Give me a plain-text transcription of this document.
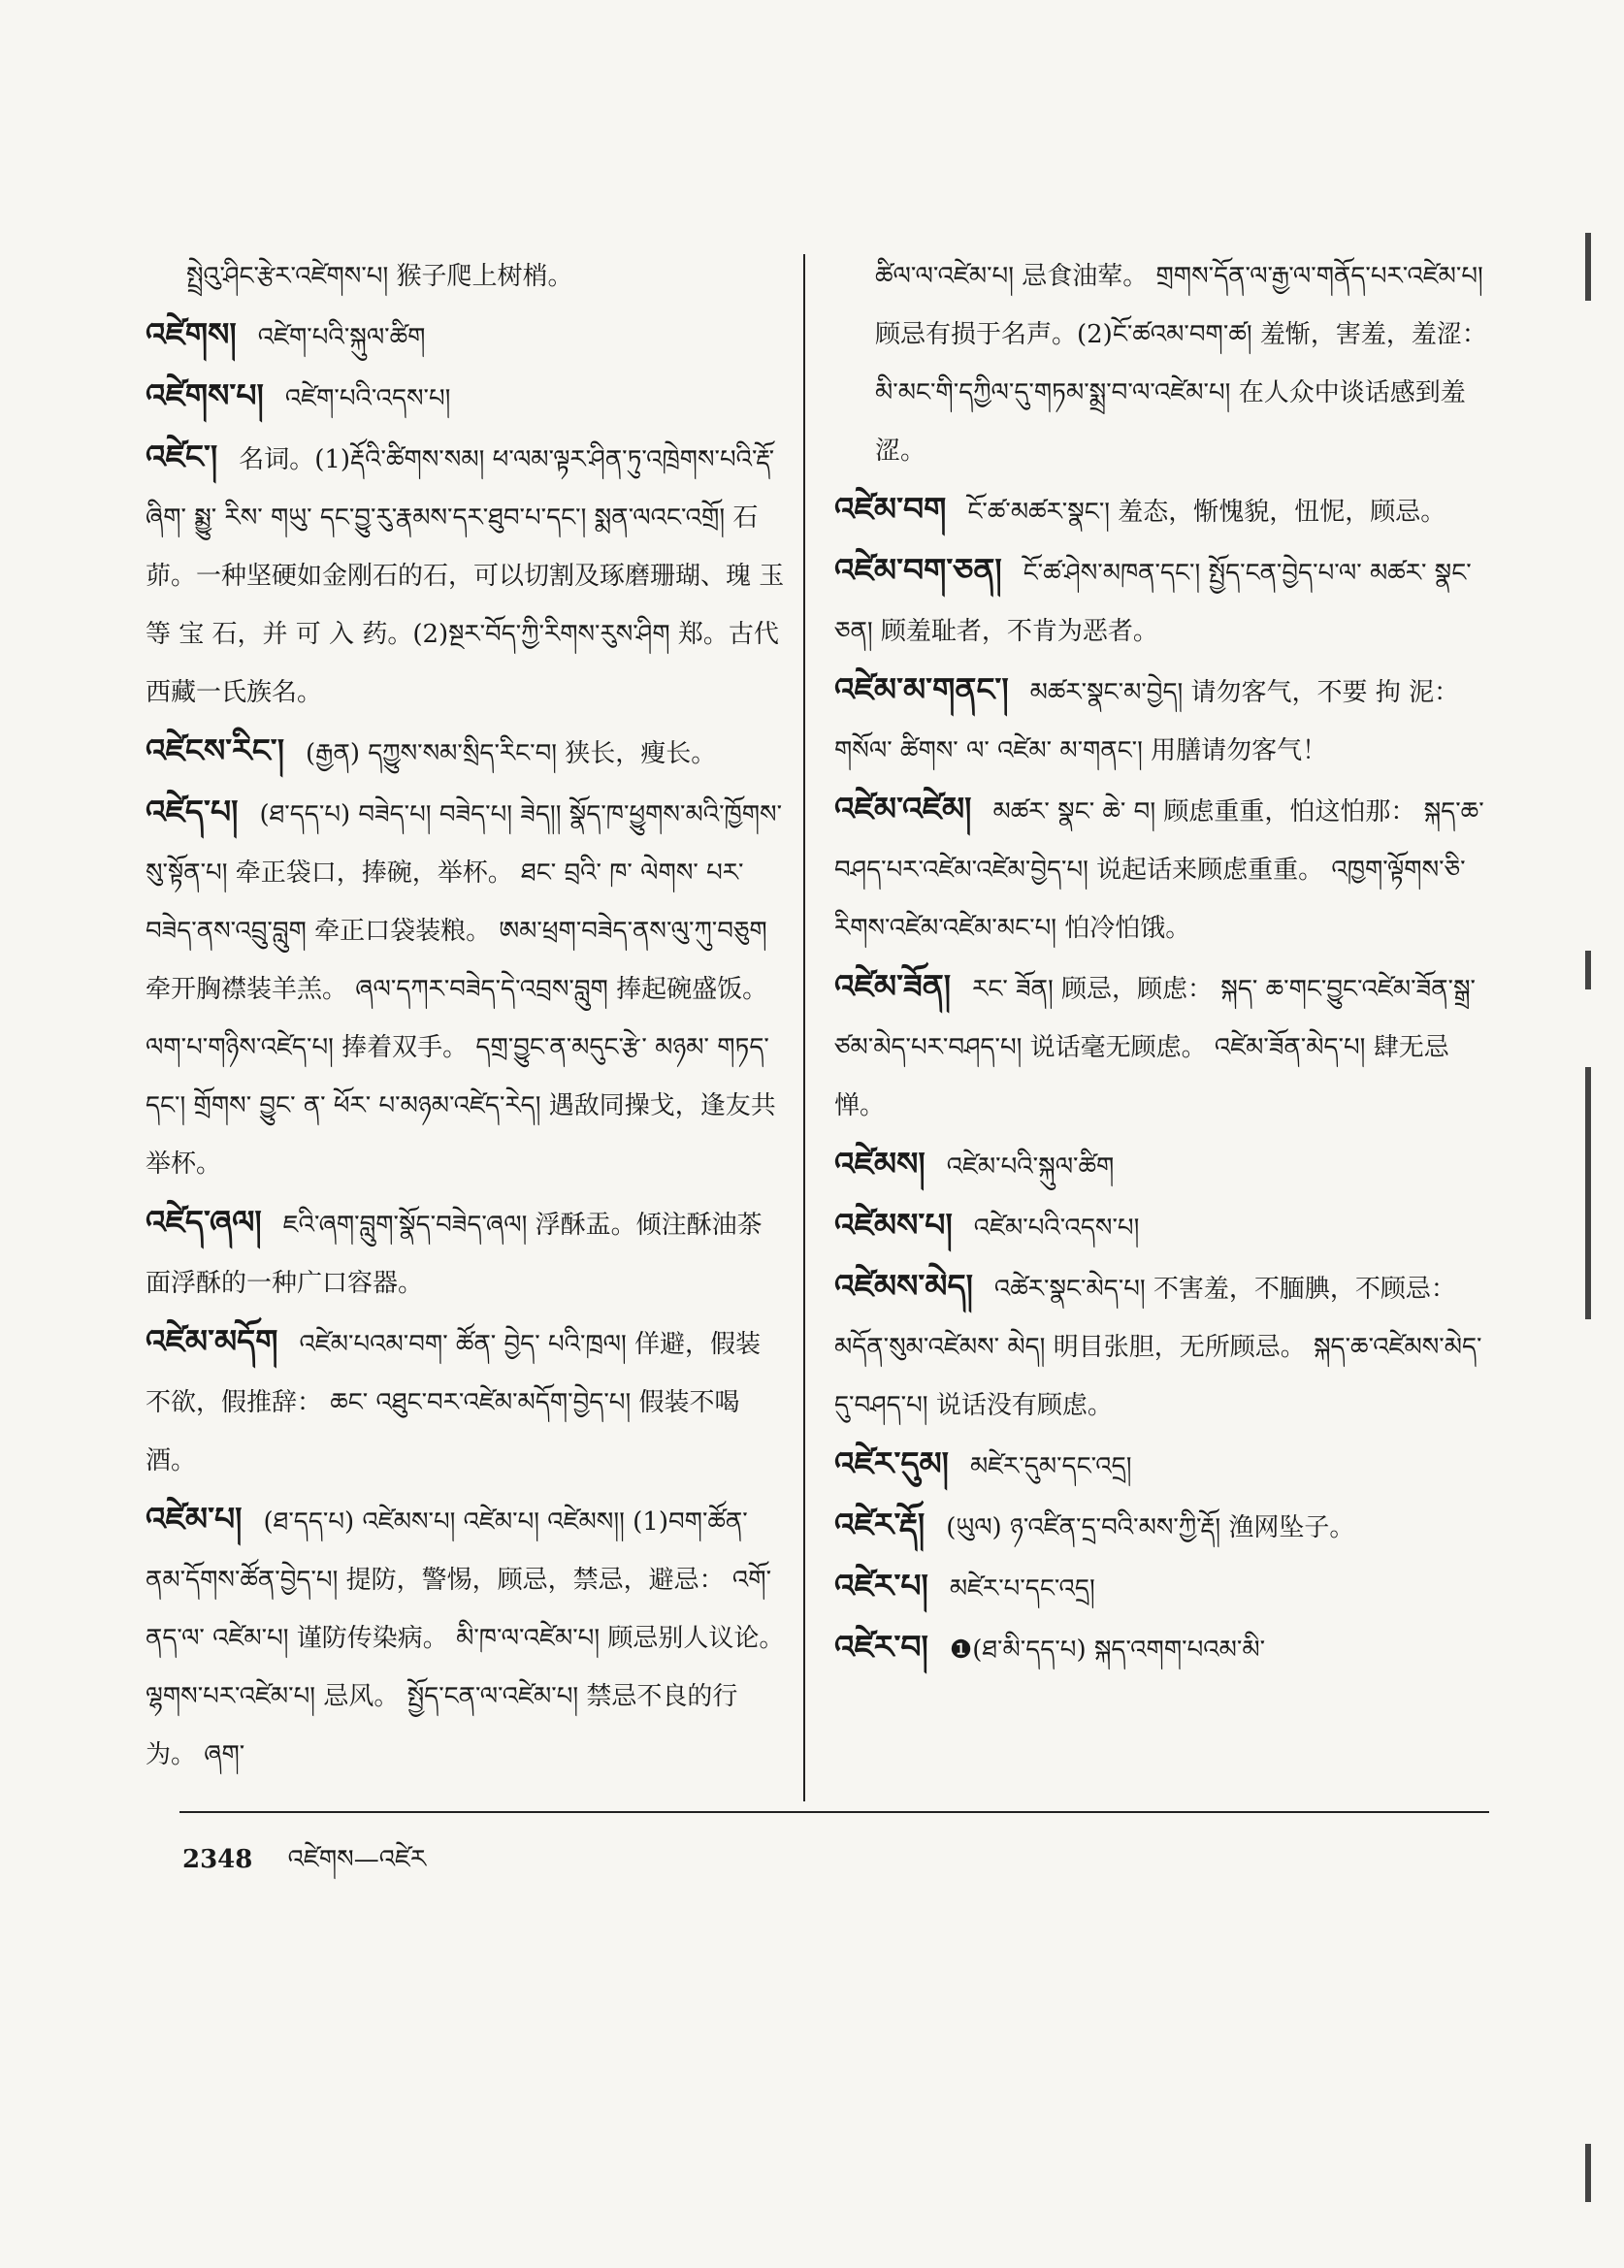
སྤྲེའུ་ཤིང་རྩེར་འཛེགས་པ། 猴子爬上树梢。

འཛེགས། འཛེག་པའི་སྐུལ་ཚིག

འཛེགས་པ། འཛེག་པའི་འདས་པ།

འཛེང་། 名词。(1)རྡོའི་ཚིགས་སམ། ཕ་ལམ་ལྟར་ཤིན་ཏུ་འཁྲེགས་པའི་རྡོ་ ཞིག་ སྨྱུ་ རིས་ གཡུ་ དང་བྱུ་རུ་རྣམས་དར་ཐུབ་པ་དང་། སྨན་ལའང་འགྲོ། 石茆。一种坚硬如金刚石的石，可以切割及琢磨珊瑚、瑰 玉 等 宝 石，并 可 入 药。(2)སྔར་བོད་ཀྱི་རིགས་རུས་ཤིག 郑。古代西藏一氏族名。

འཛེངས་རིང་། (རྒྱན) དཀྱུས་སམ་སྲིད་རིང་བ། 狭长，瘦长。

འཛེད་པ། (ཐ་དད་པ) བཟེད་པ། བཟེད་པ། ཟེད།། སྣོད་ཁ་ཕྱུགས་མའི་ཁྱོགས་སུ་སྟོན་པ། 牵正袋口，捧碗，举杯。 ཐང་ བྲའི་ ཁ་ ལེགས་ པར་བཟེད་ནས་འབྲུ་བླུག 牵正口袋装粮。 ཨམ་ཕྲག་བཟེད་ནས་ལུ་ཀུ་བཅུག 牵开胸襟装羊羔。 ཞལ་དཀར་བཟེད་དེ་འབྲས་བླུག 捧起碗盛饭。 ལག་པ་གཉིས་འཛེད་པ། 捧着双手。 དགྲ་བྱུང་ན་མདུང་རྩེ་ མཉམ་ གཏད་ དང་། གྲོགས་ བྱུང་ ན་ ཕོར་ པ་མཉམ་འཛེད་རེད། 遇敌同操戈，逢友共举杯。

འཛེད་ཞལ། ཇའི་ཞག་བླུག་སྣོད་བཟེད་ཞལ། 浮酥盂。倾注酥油茶面浮酥的一种广口容器。

འཛེམ་མདོག འཛེམ་པའམ་བག་ ཚོན་ བྱེད་ པའི་ཁྲལ། 佯避，假装不欲，假推辞： ཆང་ འཐུང་བར་འཛེམ་མདོག་བྱེད་པ། 假装不喝酒。

འཛེམ་པ། (ཐ་དད་པ) འཛེམས་པ། འཛེམ་པ། འཛེམས།། (1)བག་ཚོན་ནམ་དོགས་ཚོན་བྱེད་པ། 提防，警惕，顾忌，禁忌，避忌： འགོ་ ནད་ལ་ འཛེམ་པ། 谨防传染病。 མི་ཁ་ལ་འཛེམ་པ། 顾忌别人议论。 ལྷགས་པར་འཛེམ་པ། 忌风。 སྤྱོད་ངན་ལ་འཛེམ་པ། 禁忌不良的行为。 ཞག་

ཚིལ་ལ་འཛེམ་པ། 忌食油荤。 གྲགས་དོན་ལ་རྒྱ་ལ་གནོད་པར་འཛེམ་པ། 顾忌有损于名声。(2)ངོ་ཚའམ་བག་ཚ། 羞惭，害羞，羞涩： མི་མང་གི་དཀྱིལ་དུ་གཏམ་སྨྲ་བ་ལ་འཛེམ་པ། 在人众中谈话感到羞涩。

འཛེམ་བག ངོ་ཚ་མཚར་སྣང་། 羞态，惭愧貌，忸怩，顾忌。

འཛེམ་བག་ཅན། ངོ་ཚ་ཤེས་མཁན་དང་། སྤྱོད་ངན་བྱེད་པ་ལ་ མཚར་ སྣང་ ཅན། 顾羞耻者，不肯为恶者。

འཛེམ་མ་གནང་། མཚར་སྣང་མ་བྱེད། 请勿客气，不要 拘 泥： གསོལ་ ཚིགས་ ལ་ འཛེམ་ མ་གནང་། 用膳请勿客气！

འཛེམ་འཛེམ། མཚར་ སྣང་ ཆེ་ བ། 顾虑重重，怕这怕那： སྐད་ཆ་བཤད་པར་འཛེམ་འཛེམ་བྱེད་པ། 说起话来顾虑重重。 འཁྱག་ལྟོགས་ཅི་རིགས་འཛེམ་འཛེམ་མང་པ། 怕冷怕饿。

འཛེམ་ཟོན། རང་ ཟོན། 顾忌，顾虑： སྐད་ ཆ་གང་བྱུང་འཛེམ་ཟོན་སྒྲ་ཙམ་མེད་པར་བཤད་པ། 说话毫无顾虑。 འཛེམ་ཟོན་མེད་པ། 肆无忌惮。

འཛེམས། འཛེམ་པའི་སྐུལ་ཚིག

འཛེམས་པ། འཛེམ་པའི་འདས་པ།

འཛེམས་མེད། འཚེར་སྣང་མེད་པ། 不害羞，不腼腆，不顾忌： མདོན་སུམ་འཛེམས་ མེད། 明目张胆，无所顾忌。 སྐད་ཆ་འཛེམས་མེད་དུ་བཤད་པ། 说话没有顾虑。

འཛེར་དུམ། མཛེར་དུམ་དང་འདྲ།

འཛེར་རྡོ། (ཡུལ) ཉ་འཛིན་དྲ་བའི་མས་ཀྱི་རྡོ། 渔网坠子。

འཛེར་པ། མཛེར་པ་དང་འདྲ།

འཛེར་བ། ❶(ཐ་མི་དད་པ) སྐད་འགག་པའམ་མི་

2348 འཛེགས—འཛེར
